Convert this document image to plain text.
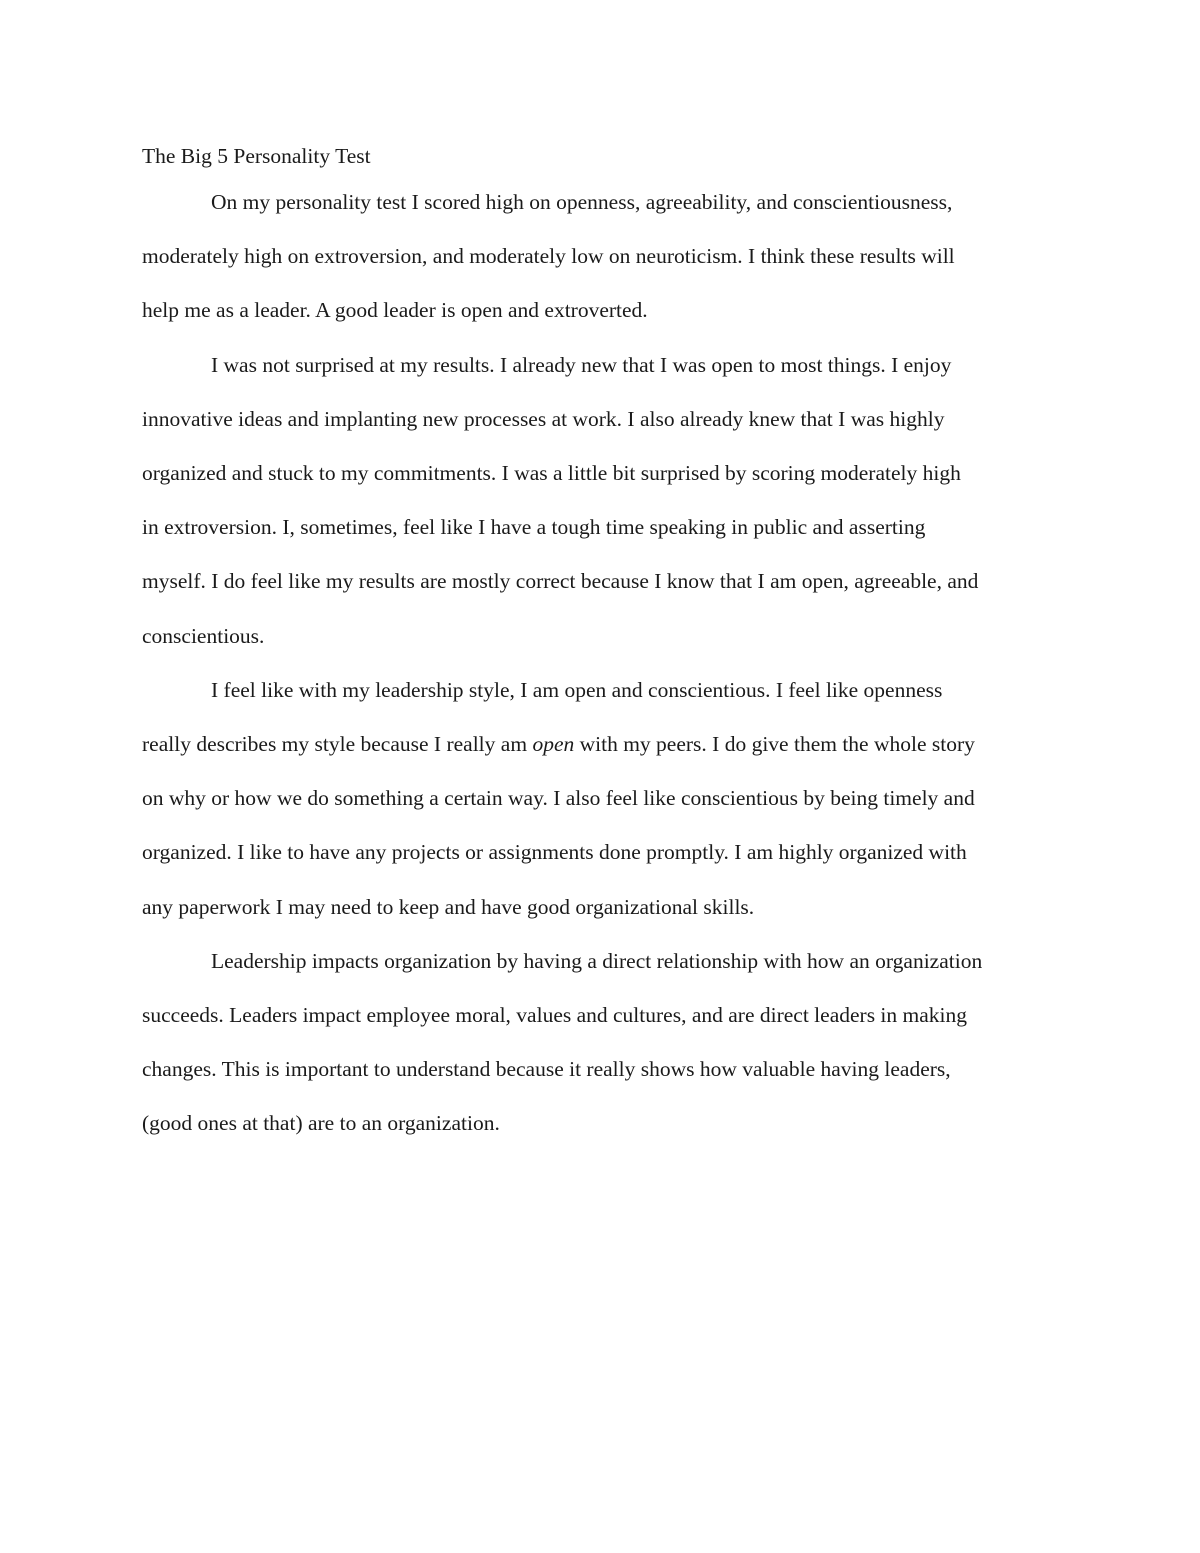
The Big 5 Personality Test
On my personality test I scored high on openness, agreeability, and conscientiousness,
moderately high on extroversion, and moderately low on neuroticism. I think these results will
help me as a leader. A good leader is open and extroverted.
I was not surprised at my results. I already new that I was open to most things. I enjoy
innovative ideas and implanting new processes at work. I also already knew that I was highly
organized and stuck to my commitments. I was a little bit surprised by scoring moderately high
in extroversion. I, sometimes, feel like I have a tough time speaking in public and asserting
myself. I do feel like my results are mostly correct because I know that I am open, agreeable, and
conscientious.
I feel like with my leadership style, I am open and conscientious. I feel like openness
really describes my style because I really am open with my peers. I do give them the whole story
on why or how we do something a certain way. I also feel like conscientious by being timely and
organized. I like to have any projects or assignments done promptly. I am highly organized with
any paperwork I may need to keep and have good organizational skills.
Leadership impacts organization by having a direct relationship with how an organization
succeeds. Leaders impact employee moral, values and cultures, and are direct leaders in making
changes. This is important to understand because it really shows how valuable having leaders,
(good ones at that) are to an organization.
